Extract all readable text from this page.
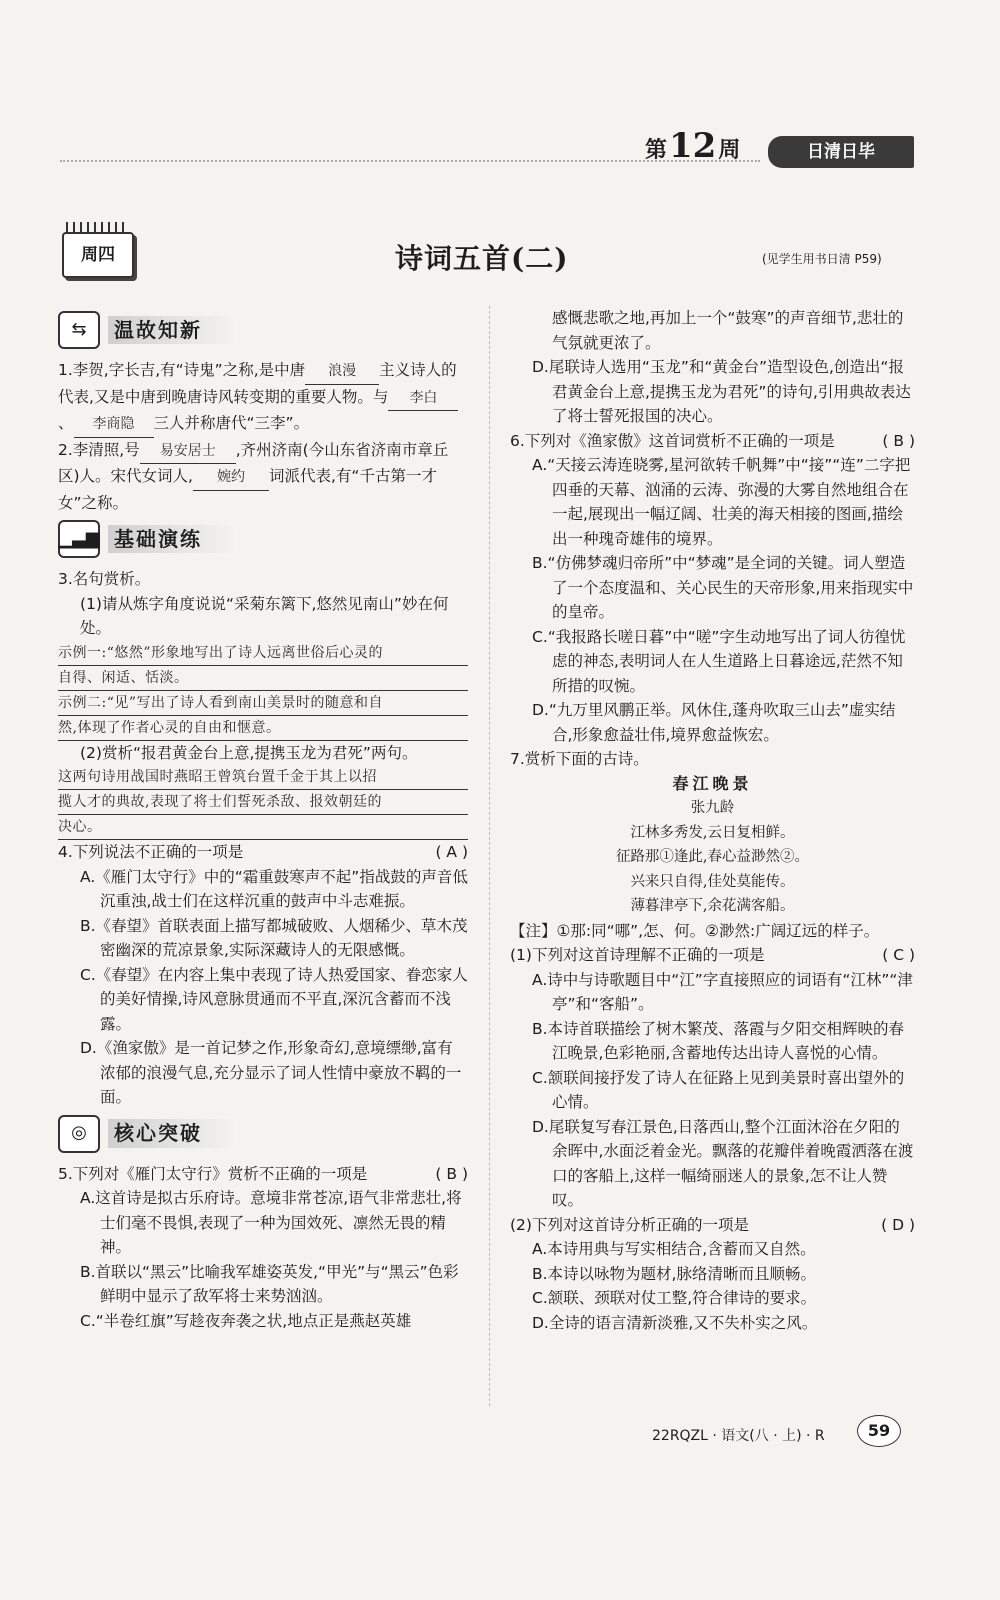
第12周	日清日毕
周四	诗词五首(二)	(见学生用书日清 P59)
⇆	温故知新

1.李贺,字长吉,有“诗鬼”之称,是中唐 浪漫 主义诗人的代表,又是中唐到晚唐诗风转变期的重要人物。与 李白、 李商隐 三人并称唐代“三李”。

2.李清照,号 易安居士 ,齐州济南(今山东省济南市章丘区)人。宋代女词人, 婉约 词派代表,有“千古第一才女”之称。

▁▃▆ 基础演练

3.名句赏析。

(1)请从炼字角度说说“采菊东篱下,悠然见南山”妙在何处。

示例一:“悠然”形象地写出了诗人远离世俗后心灵的
自得、闲适、恬淡。
示例二:“见”写出了诗人看到南山美景时的随意和自
然,体现了作者心灵的自由和惬意。

(2)赏析“报君黄金台上意,提携玉龙为君死”两句。

这两句诗用战国时燕昭王曾筑台置千金于其上以招
揽人才的典故,表现了将士们誓死杀敌、报效朝廷的
决心。

4.下列说法不正确的一项是	( A )

A.《雁门太守行》中的“霜重鼓寒声不起”指战鼓的声音低沉重浊,战士们在这样沉重的鼓声中斗志难振。

B.《春望》首联表面上描写都城破败、人烟稀少、草木茂密幽深的荒凉景象,实际深藏诗人的无限感慨。

C.《春望》在内容上集中表现了诗人热爱国家、眷恋家人的美好情操,诗风意脉贯通而不平直,深沉含蓄而不浅露。

D.《渔家傲》是一首记梦之作,形象奇幻,意境缥缈,富有浓郁的浪漫气息,充分显示了词人性情中豪放不羁的一面。

◎	核心突破

5.下列对《雁门太守行》赏析不正确的一项是	( B )

A.这首诗是拟古乐府诗。意境非常苍凉,语气非常悲壮,将士们毫不畏惧,表现了一种为国效死、凛然无畏的精神。

B.首联以“黑云”比喻我军雄姿英发,“甲光”与“黑云”色彩鲜明中显示了敌军将士来势汹汹。

C.“半卷红旗”写趁夜奔袭之状,地点正是燕赵英雄

感慨悲歌之地,再加上一个“鼓寒”的声音细节,悲壮的气氛就更浓了。

D.尾联诗人选用“玉龙”和“黄金台”造型设色,创造出“报君黄金台上意,提携玉龙为君死”的诗句,引用典故表达了将士誓死报国的决心。

6.下列对《渔家傲》这首词赏析不正确的一项是	( B )

A.“天接云涛连晓雾,星河欲转千帆舞”中“接”“连”二字把四垂的天幕、汹涌的云涛、弥漫的大雾自然地组合在一起,展现出一幅辽阔、壮美的海天相接的图画,描绘出一种瑰奇雄伟的境界。

B.“仿佛梦魂归帝所”中“梦魂”是全词的关键。词人塑造了一个态度温和、关心民生的天帝形象,用来指现实中的皇帝。

C.“我报路长嗟日暮”中“嗟”字生动地写出了词人彷徨忧虑的神态,表明词人在人生道路上日暮途远,茫然不知所措的叹惋。

D.“九万里风鹏正举。风休住,蓬舟吹取三山去”虚实结合,形象愈益壮伟,境界愈益恢宏。

7.赏析下面的古诗。

春江晚景

张九龄

江林多秀发,云日复相鲜。

征路那①逢此,春心益渺然②。

兴来只自得,佳处莫能传。

薄暮津亭下,余花满客船。

【注】①那:同“哪”,怎、何。②渺然:广阔辽远的样子。

(1)下列对这首诗理解不正确的一项是	( C )

A.诗中与诗歌题目中“江”字直接照应的词语有“江林”“津亭”和“客船”。

B.本诗首联描绘了树木繁茂、落霞与夕阳交相辉映的春江晚景,色彩艳丽,含蓄地传达出诗人喜悦的心情。

C.颔联间接抒发了诗人在征路上见到美景时喜出望外的心情。

D.尾联复写春江景色,日落西山,整个江面沐浴在夕阳的余晖中,水面泛着金光。飘落的花瓣伴着晚霞洒落在渡口的客船上,这样一幅绮丽迷人的景象,怎不让人赞叹。

(2)下列对这首诗分析正确的一项是	( D )

A.本诗用典与写实相结合,含蓄而又自然。

B.本诗以咏物为题材,脉络清晰而且顺畅。

C.颔联、颈联对仗工整,符合律诗的要求。

D.全诗的语言清新淡雅,又不失朴实之风。

22RQZL · 语文(八 · 上) · R	59
